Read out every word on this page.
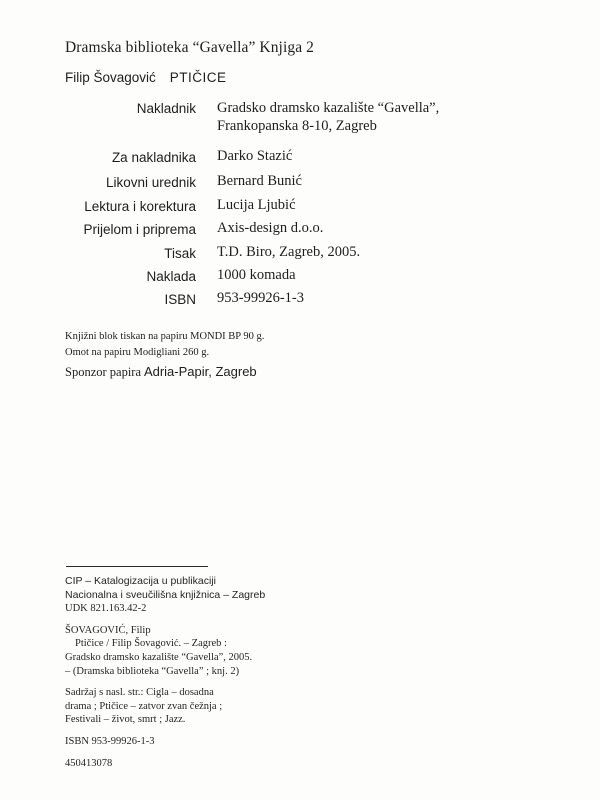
Dramska biblioteka “Gavella” Knjiga 2
Filip Šovagović PTIČICE
Nakladnik Gradsko dramsko kazalište “Gavella”,
Frankopanska 8-10, Zagreb
Za nakladnika Darko Stazić
Likovni urednik Bernard Bunić
Lektura i korektura Lucija Ljubić
Prijelom i priprema Axis-design d.o.o.
Tisak T.D. Biro, Zagreb, 2005.
Naklada 1000 komada
ISBN 953-99926-1-3
Knjižni blok tiskan na papiru MONDI BP 90 g.
Omot na papiru Modigliani 260 g.
Sponzor papira Adria-Papir, Zagreb
CIP – Katalogizacija u publikaciji
Nacionalna i sveučilišna knjižnica – Zagreb
UDK 821.163.42-2
ŠOVAGOVIĆ, Filip
Ptičice / Filip Šovagović. – Zagreb :
Gradsko dramsko kazalište “Gavella”, 2005.
– (Dramska biblioteka “Gavella” ; knj. 2)
Sadržaj s nasl. str.: Cigla – dosadna
drama ; Ptičice – zatvor zvan čežnja ;
Festivali – život, smrt ; Jazz.
ISBN 953-99926-1-3
450413078
